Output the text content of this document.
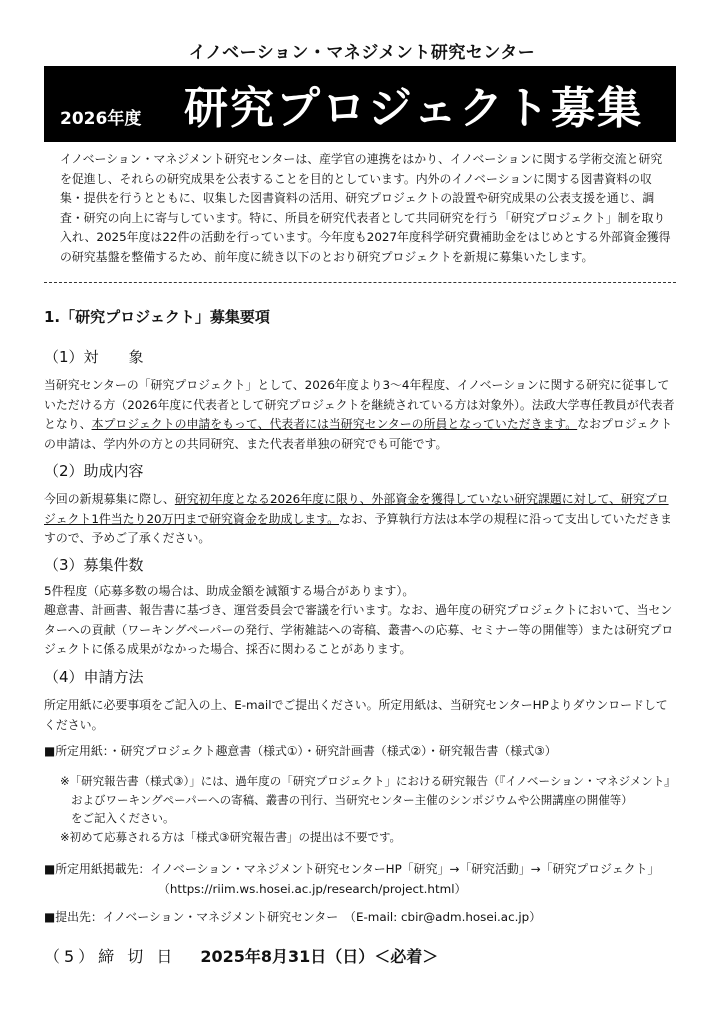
イノベーション・マネジメント研究センター
2026年度 研究プロジェクト募集
イノベーション・マネジメント研究センターは、産学官の連携をはかり、イノベーションに関する学術交流と研究を促進し、それらの研究成果を公表することを目的としています。内外のイノベーションに関する図書資料の収集・提供を行うとともに、収集した図書資料の活用、研究プロジェクトの設置や研究成果の公表支援を通じ、調査・研究の向上に寄与しています。特に、所員を研究代表者として共同研究を行う「研究プロジェクト」制を取り入れ、2025年度は22件の活動を行っています。今年度も2027年度科学研究費補助金をはじめとする外部資金獲得の研究基盤を整備するため、前年度に続き以下のとおり研究プロジェクトを新規に募集いたします。
1.「研究プロジェクト」募集要項
（1）対　　象
当研究センターの「研究プロジェクト」として、2026年度より3～4年程度、イノベーションに関する研究に従事していただける方（2026年度に代表者として研究プロジェクトを継続されている方は対象外）。法政大学専任教員が代表者となり、本プロジェクトの申請をもって、代表者には当研究センターの所員となっていただきます。なおプロジェクトの申請は、学内外の方との共同研究、また代表者単独の研究でも可能です。
（2）助成内容
今回の新規募集に際し、研究初年度となる2026年度に限り、外部資金を獲得していない研究課題に対して、研究プロジェクト1件当たり20万円まで研究資金を助成します。なお、予算執行方法は本学の規程に沿って支出していただきますので、予めご了承ください。
（3）募集件数
5件程度（応募多数の場合は、助成金額を減額する場合があります）。
趣意書、計画書、報告書に基づき、運営委員会で審議を行います。なお、過年度の研究プロジェクトにおいて、当センターへの貢献（ワーキングペーパーの発行、学術雑誌への寄稿、叢書への応募、セミナー等の開催等）または研究プロジェクトに係る成果がなかった場合、採否に関わることがあります。
（4）申請方法
所定用紙に必要事項をご記入の上、E-mailでご提出ください。所定用紙は、当研究センターHPよりダウンロードしてください。
■所定用紙：・研究プロジェクト趣意書（様式①）・研究計画書（様式②）・研究報告書（様式③）
※「研究報告書（様式③）」には、過年度の「研究プロジェクト」における研究報告（『イノベーション・マネジメント』
およびワーキングペーパーへの寄稿、叢書の刊行、当研究センター主催のシンポジウムや公開講座の開催等）
をご記入ください。
※初めて応募される方は「様式③研究報告書」の提出は不要です。
■所定用紙掲載先：イノベーション・マネジメント研究センターHP「研究」→「研究活動」→「研究プロジェクト」
（https://riim.ws.hosei.ac.jp/research/project.html）
■提出先：イノベーション・マネジメント研究センター　（E-mail: cbir@adm.hosei.ac.jp）
（5）締 切 日 2025年8月31日（日）＜必着＞
